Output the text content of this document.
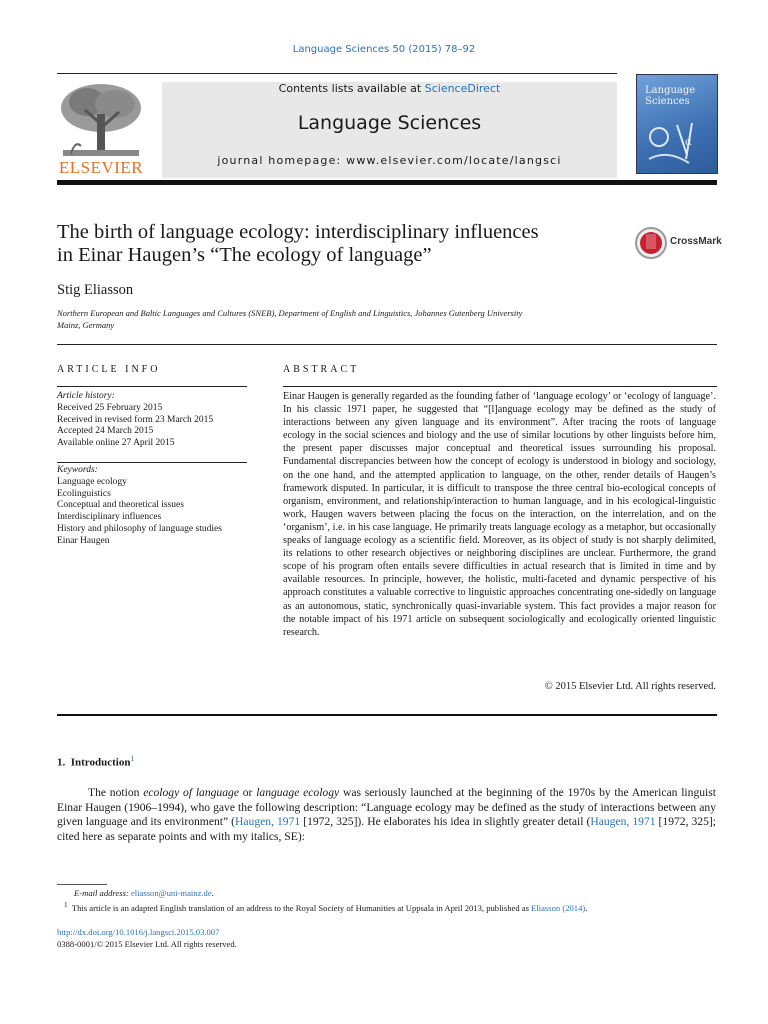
Language Sciences 50 (2015) 78–92
ELSEVIER
Contents lists available at ScienceDirect
Language Sciences
journal homepage: www.elsevier.com/locate/langsci
Language Sciences
α
The birth of language ecology: interdisciplinary influences
in Einar Haugen’s “The ecology of language”
CrossMark
Stig Eliasson
Northern European and Baltic Languages and Cultures (SNEB), Department of English and Linguistics, Johannes Gutenberg University
Mainz, Germany
ARTICLE INFO
Article history:
Received 25 February 2015
Received in revised form 23 March 2015
Accepted 24 March 2015
Available online 27 April 2015
Keywords:
Language ecology
Ecolinguistics
Conceptual and theoretical issues
Interdisciplinary influences
History and philosophy of language studies
Einar Haugen
ABSTRACT
Einar Haugen is generally regarded as the founding father of ‘language ecology’ or ‘ecology of language’. In his classic 1971 paper, he suggested that “[l]anguage ecology may be defined as the study of interactions between any given language and its environment”. After tracing the roots of language ecology in the social sciences and biology and the use of similar locutions by other linguists before him, the present paper discusses major conceptual and theoretical issues surrounding his proposal. Fundamental discrepancies between how the concept of ecology is understood in biology and sociology, on the one hand, and the attempted application to language, on the other, render details of Haugen’s framework disputed. In particular, it is difficult to transpose the three central bio-ecological concepts of organism, environment, and relationship/interaction to human language, and in his ecological-linguistic work, Haugen wavers between placing the focus on the interaction, on the interrelation, and on the ‘organism’, i.e. in his case language. He primarily treats language ecology as a metaphor, but occasionally speaks of language ecology as a scientific field. Moreover, as its object of study is not sharply delimited, its relations to other research objectives or neighboring disciplines are unclear. Furthermore, the grand scope of his program often entails severe difficulties in actual research that is limited in time and by available resources. In principle, however, the holistic, multi-faceted and dynamic perspective of his approach constitutes a valuable corrective to linguistic approaches concentrating one-sidedly on language as an autonomous, static, synchronically quasi-invariable system. This fact provides a major reason for the notable impact of his 1971 article on subsequent sociologically and ecologically oriented linguistic research.
© 2015 Elsevier Ltd. All rights reserved.
1. Introduction$^1$
The notion ecology of language or language ecology was seriously launched at the beginning of the 1970s by the American linguist Einar Haugen (1906–1994), who gave the following description: “Language ecology may be defined as the study of interactions between any given language and its environment” (Haugen, 1971 [1972, 325]). He elaborates his idea in slightly greater detail (Haugen, 1971 [1972, 325]; cited here as separate points and with my italics, SE):
E-mail address: eliasson@uni-mainz.de.
$^1$ This article is an adapted English translation of an address to the Royal Society of Humanities at Uppsala in April 2013, published as Eliasson (2014).
http://dx.doi.org/10.1016/j.langsci.2015.03.007
0388-0001/© 2015 Elsevier Ltd. All rights reserved.
